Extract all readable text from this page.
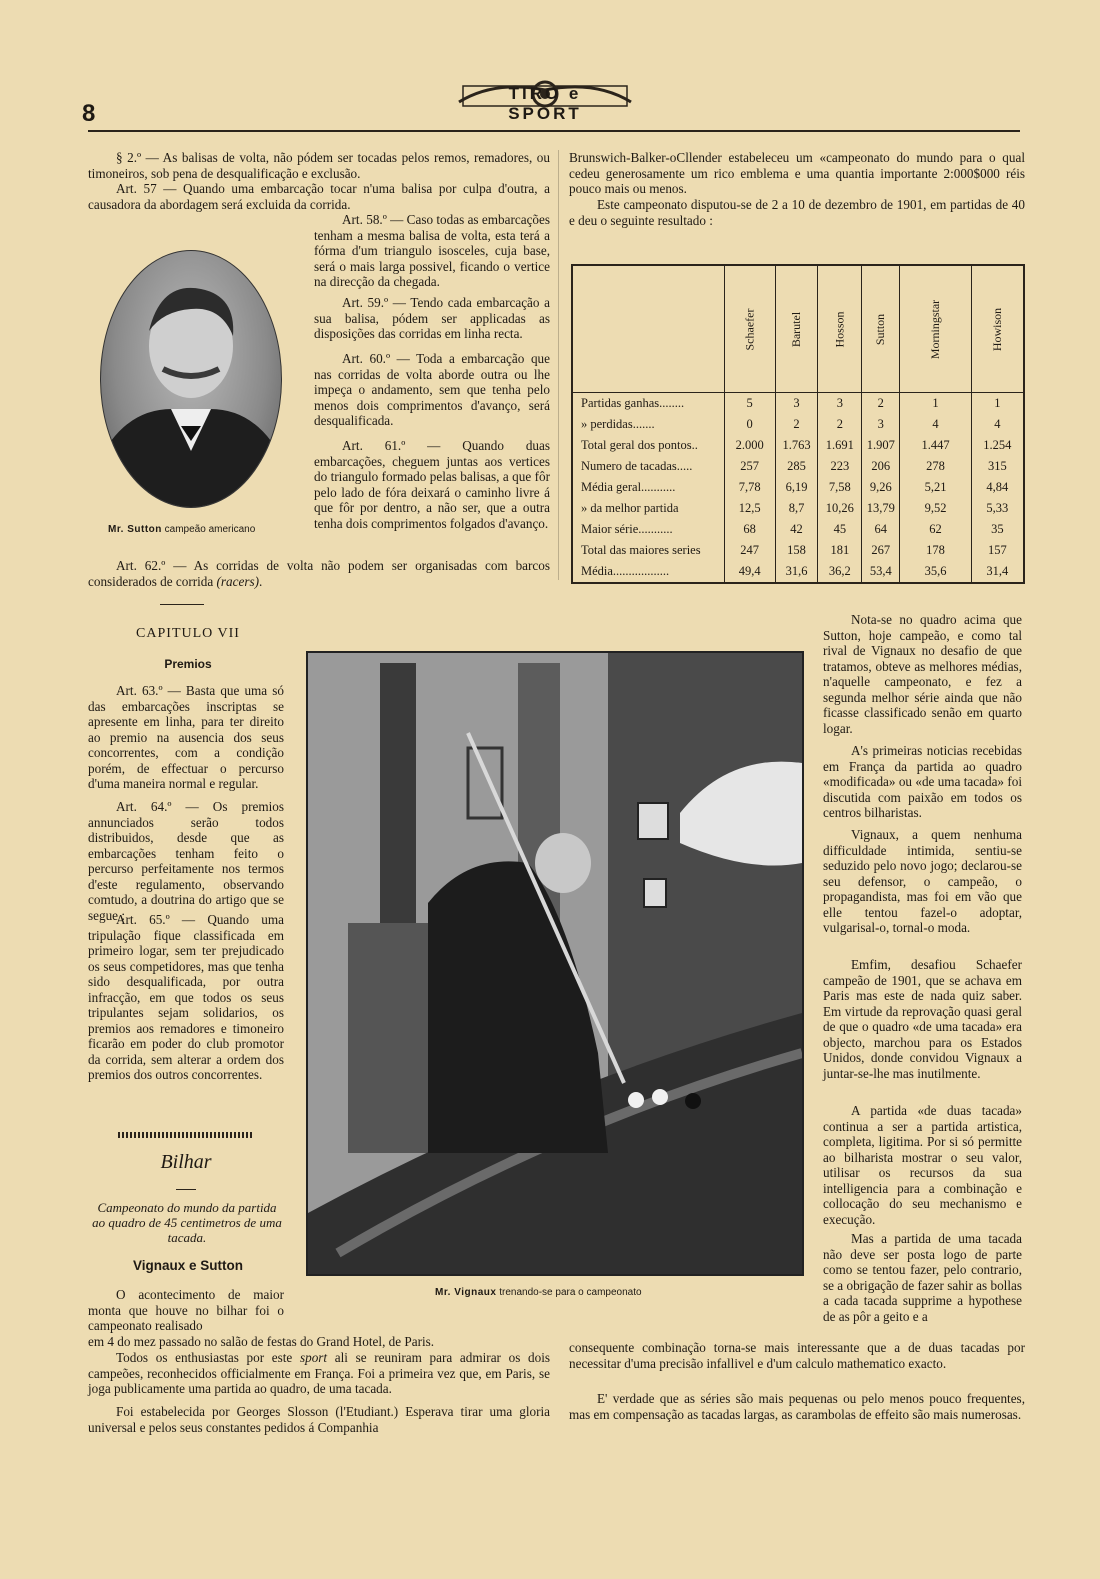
8
TIRO e SPORT

§ 2.º — As balisas de volta, não pódem ser tocadas pelos remos, remadores, ou timoneiros, sob pena de desqualificação e exclusão.

Art. 57 — Quando uma embarcação tocar n'uma balisa por culpa d'outra, a causadora da abordagem será excluida da corrida.

Mr. Sutton campeão americano

Art. 58.º — Caso todas as embarcações tenham a mesma balisa de volta, esta terá a fórma d'um triangulo isosceles, cuja base, será o mais larga possivel, ficando o vertice na direcção da chegada.

Art. 59.º — Tendo cada embarcação a sua balisa, pódem ser applicadas as disposições das corridas em linha recta.

Art. 60.º — Toda a embarcação que nas corridas de volta aborde outra ou lhe impeça o andamento, sem que tenha pelo menos dois comprimentos d'avanço, será desqualificada.

Art. 61.º — Quando duas embarcações, cheguem juntas aos vertices do triangulo formado pelas balisas, a que fôr pelo lado de fóra deixará o caminho livre á que fôr por dentro, a não ser, que a outra tenha dois comprimentos folgados d'avanço.

Art. 62.º — As corridas de volta não podem ser organisadas com barcos considerados de corrida (racers).

Brunswich-Balker-oCllender estabeleceu um «campeonato do mundo para o qual cedeu generosamente um rico emblema e uma quantia importante 2:000$000 réis pouco mais ou menos.

Este campeonato disputou-se de 2 a 10 de dezembro de 1901, em partidas de 40 e deu o seguinte resultado :

	Schaefer	Barutel	Hosson	Sutton	Morningstar	Howison
Partidas ganhas........	5	3	3	2	1	1
» perdidas.......	0	2	2	3	4	4
Total geral dos pontos..	2.000	1.763	1.691	1.907	1.447	1.254
Numero de tacadas.....	257	285	223	206	278	315
Média geral...........	7,78	6,19	7,58	9,26	5,21	4,84
» da melhor partida	12,5	8,7	10,26	13,79	9,52	5,33
Maior série...........	68	42	45	64	62	35
Total das maiores series	247	158	181	267	178	157
Média..................	49,4	31,6	36,2	53,4	35,6	31,4
CAPITULO VII
Premios

Art. 63.º — Basta que uma só das embarcações inscriptas se apresente em linha, para ter direito ao premio na ausencia dos seus concorrentes, com a condição porém, de effectuar o percurso d'uma maneira normal e regular.

Art. 64.º — Os premios annunciados serão todos distribuidos, desde que as embarcações tenham feito o percurso perfeitamente nos termos d'este regulamento, observando comtudo, a doutrina do artigo que se segue :

Art. 65.º — Quando uma tripulação fique classificada em primeiro logar, sem ter prejudicado os seus competidores, mas que tenha sido desqualificada, por outra infracção, em que todos os seus tripulantes sejam solidarios, os premios aos remadores e timoneiro ficarão em poder do club promotor da corrida, sem alterar a ordem dos premios dos outros concorrentes.

Bilhar
Campeonato do mundo da partida ao quadro de 45 centimetros de uma tacada.
Vignaux e Sutton

O acontecimento de maior monta que houve no bilhar foi o campeonato realisado

em 4 do mez passado no salão de festas do Grand Hotel, de Paris.

Todos os enthusiastas por este sport ali se reuniram para admirar os dois campeões, reconhecidos officialmente em França. Foi a primeira vez que, em Paris, se joga publicamente uma partida ao quadro, de uma tacada.

Foi estabelecida por Georges Slosson (l'Etudiant.) Esperava tirar uma gloria universal e pelos seus constantes pedidos á Companhia

Mr. Vignaux trenando-se para o campeonato

Nota-se no quadro acima que Sutton, hoje campeão, e como tal rival de Vignaux no desafio de que tratamos, obteve as melhores médias, n'aquelle campeonato, e fez a segunda melhor série ainda que não ficasse classificado senão em quarto logar.

A's primeiras noticias recebidas em França da partida ao quadro «modificada» ou «de uma tacada» foi discutida com paixão em todos os centros bilharistas.

Vignaux, a quem nenhuma difficuldade intimida, sentiu-se seduzido pelo novo jogo; declarou-se seu defensor, o campeão, o propagandista, mas foi em vão que elle tentou fazel-o adoptar, vulgarisal-o, tornal-o moda.

Emfim, desafiou Schaefer campeão de 1901, que se achava em Paris mas este de nada quiz saber. Em virtude da reprovação quasi geral de que o quadro «de uma tacada» era objecto, marchou para os Estados Unidos, donde convidou Vignaux a juntar-se-lhe mas inutilmente.

A partida «de duas tacada» continua a ser a partida artistica, completa, ligitima. Por si só permitte ao bilharista mostrar o seu valor, utilisar os recursos da sua intelligencia para a combinação e collocação do seu mechanismo e execução.

Mas a partida de uma tacada não deve ser posta logo de parte como se tentou fazer, pelo contrario, se a obrigação de fazer sahir as bollas a cada tacada supprime a hypothese de as pôr a geito e a

consequente combinação torna-se mais interessante que a de duas tacadas por necessitar d'uma precisão infallivel e d'um calculo mathematico exacto.

E' verdade que as séries são mais pequenas ou pelo menos pouco frequentes, mas em compensação as tacadas largas, as carambolas de effeito são mais numerosas.
